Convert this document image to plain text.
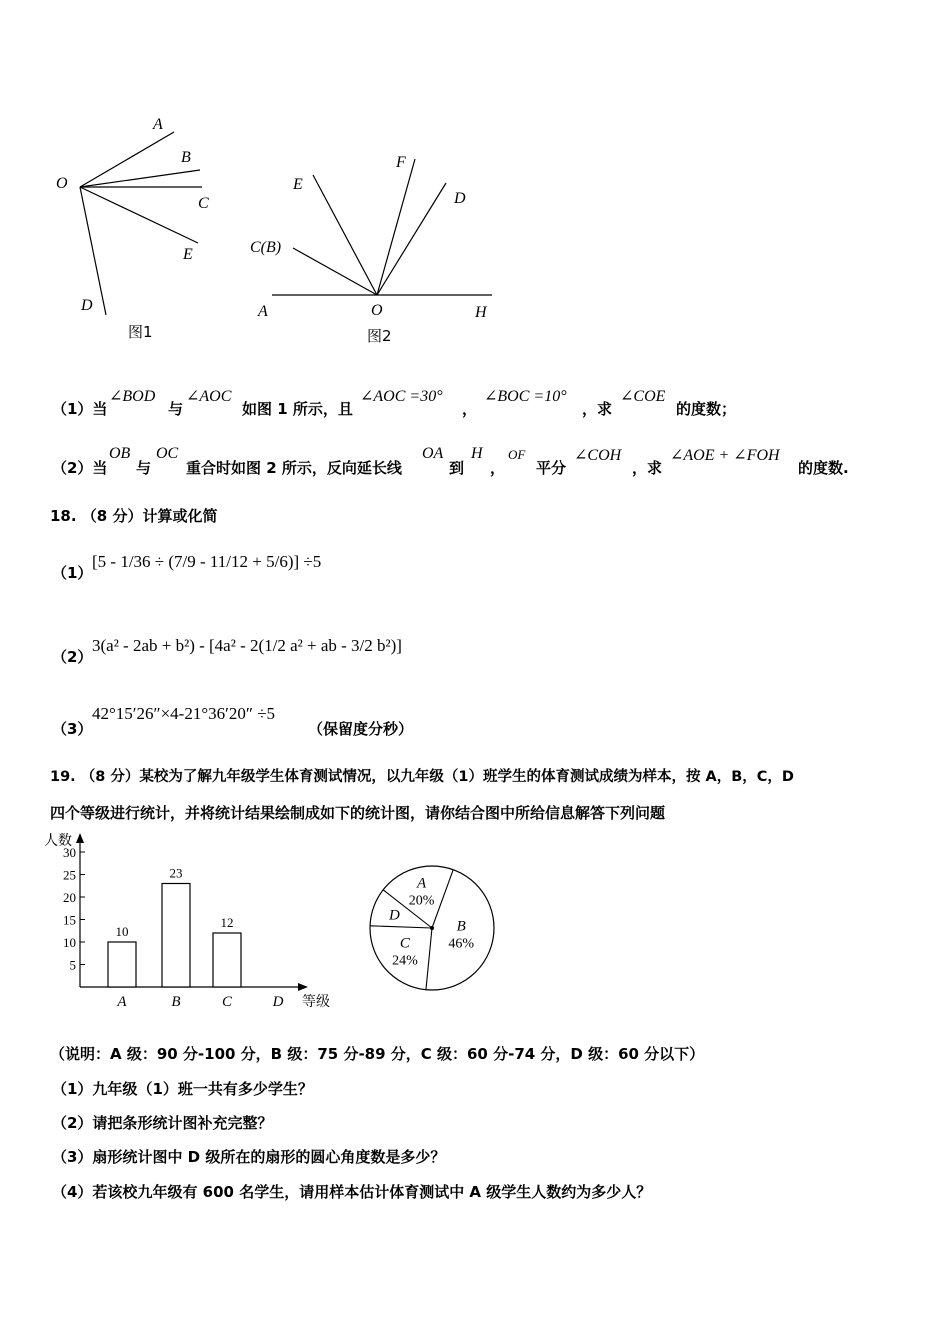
O
A
B
C
E
D
图1
F
E
D
C(B)
A	O	H
图2
（1）当
∠BOD
与
∠AOC
如图 1 所示，且
∠AOC =30°
，
∠BOC =10°
，求
∠COE
的度数；
（2）当
OB
与
OC
重合时如图 2 所示，反向延长线
OA
到
H
，
OF
平分
∠COH
，求
∠AOE + ∠FOH
的度数.
18. （8 分）计算或化简
（1）
[5 - 1/36 ÷ (7/9 - 11/12 + 5/6)] ÷5
（2）
3(a² - 2ab + b²) - [4a² - 2(1/2 a² + ab - 3/2 b²)]
（3）
42°15′26″×4-21°36′20″ ÷5
（保留度分秒）
19. （8 分）某校为了解九年级学生体育测试情况，以九年级（1）班学生的体育测试成绩为样本，按 A，B，C，D
四个等级进行统计，并将统计结果绘制成如下的统计图，请你结合图中所给信息解答下列问题
人数
等级
5
10
15
20
25
30
10
A
23
B
12
C	D
B
46%
C
24%
D
A
20%
（说明：A 级：90 分-100 分，B 级：75 分-89 分，C 级：60 分-74 分，D 级：60 分以下）
（1）九年级（1）班一共有多少学生？
（2）请把条形统计图补充完整？
（3）扇形统计图中 D 级所在的扇形的圆心角度数是多少？
（4）若该校九年级有 600 名学生，请用样本估计体育测试中 A 级学生人数约为多少人？
